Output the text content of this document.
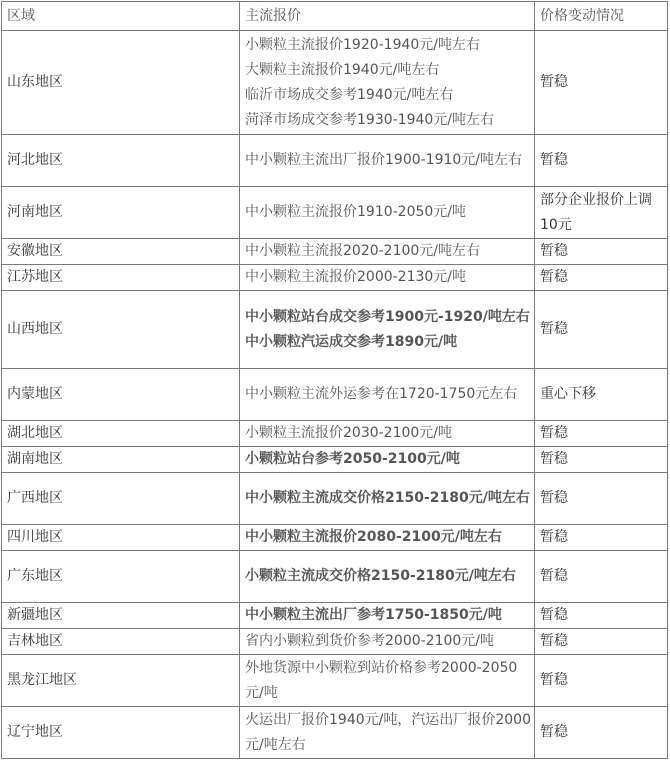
区域	主流报价	价格变动情况
山东地区	小颗粒主流报价1920-1940元/吨左右
大颗粒主流报价1940元/吨左右
临沂市场成交参考1940元/吨左右
菏泽市场成交参考1930-1940元/吨左右	暂稳
河北地区	中小颗粒主流出厂报价1900-1910元/吨左右	暂稳
河南地区	中小颗粒主流报价1910-2050元/吨	部分企业报价上调10元
安徽地区	中小颗粒主流报2020-2100元/吨左右	暂稳
江苏地区	中小颗粒主流报价2000-2130元/吨	暂稳
山西地区	中小颗粒站台成交参考1900元-1920/吨左右
中小颗粒汽运成交参考1890元/吨	暂稳
内蒙地区	中小颗粒主流外运参考在1720-1750元左右	重心下移
湖北地区	小颗粒主流报价2030-2100元/吨	暂稳
湖南地区	小颗粒站台参考2050-2100元/吨	暂稳
广西地区	中小颗粒主流成交价格2150-2180元/吨左右	暂稳
四川地区	中小颗粒主流报价2080-2100元/吨左右	暂稳
广东地区	小颗粒主流成交价格2150-2180元/吨左右	暂稳
新疆地区	中小颗粒主流出厂参考1750-1850元/吨	暂稳
吉林地区	省内小颗粒到货价参考2000-2100元/吨	暂稳
黑龙江地区	外地货源中小颗粒到站价格参考2000-2050元/吨	暂稳
辽宁地区	火运出厂报价1940元/吨，汽运出厂报价2000元/吨左右	暂稳
